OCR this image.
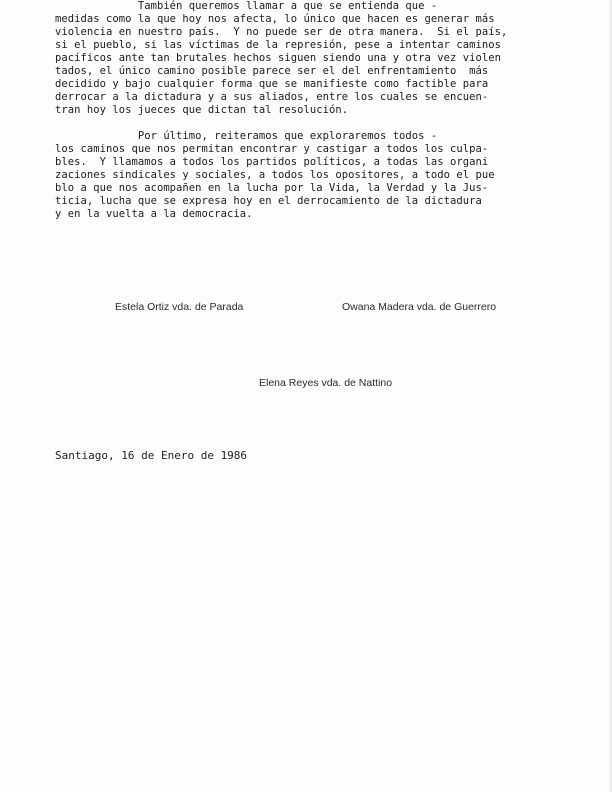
También queremos llamar a que se entienda que -
medidas como la que hoy nos afecta, lo único que hacen es generar más
violencia en nuestro país.  Y no puede ser de otra manera.  Si el país,
si el pueblo, si las víctimas de la represión, pese a intentar caminos
pacíficos ante tan brutales hechos siguen siendo una y otra vez violen
tados, el único camino posible parece ser el del enfrentamiento  más
decidido y bajo cualquier forma que se manifieste como factible para
derrocar a la dictadura y a sus aliados, entre los cuales se encuen-
tran hoy los jueces que dictan tal resolución.
Por último, reiteramos que exploraremos todos -
los caminos que nos permitan encontrar y castigar a todos los culpa-
bles.  Y llamamos a todos los partidos políticos, a todas las organi
zaciones sindicales y sociales, a todos los opositores, a todo el pue
blo a que nos acompañen en la lucha por la Vida, la Verdad y la Jus-
ticia, lucha que se expresa hoy en el derrocamiento de la dictadura
y en la vuelta a la democracia.
Estela Ortiz vda. de Parada	Owana Madera vda. de Guerrero
Elena Reyes vda. de Nattino
Santiago, 16 de Enero de 1986
